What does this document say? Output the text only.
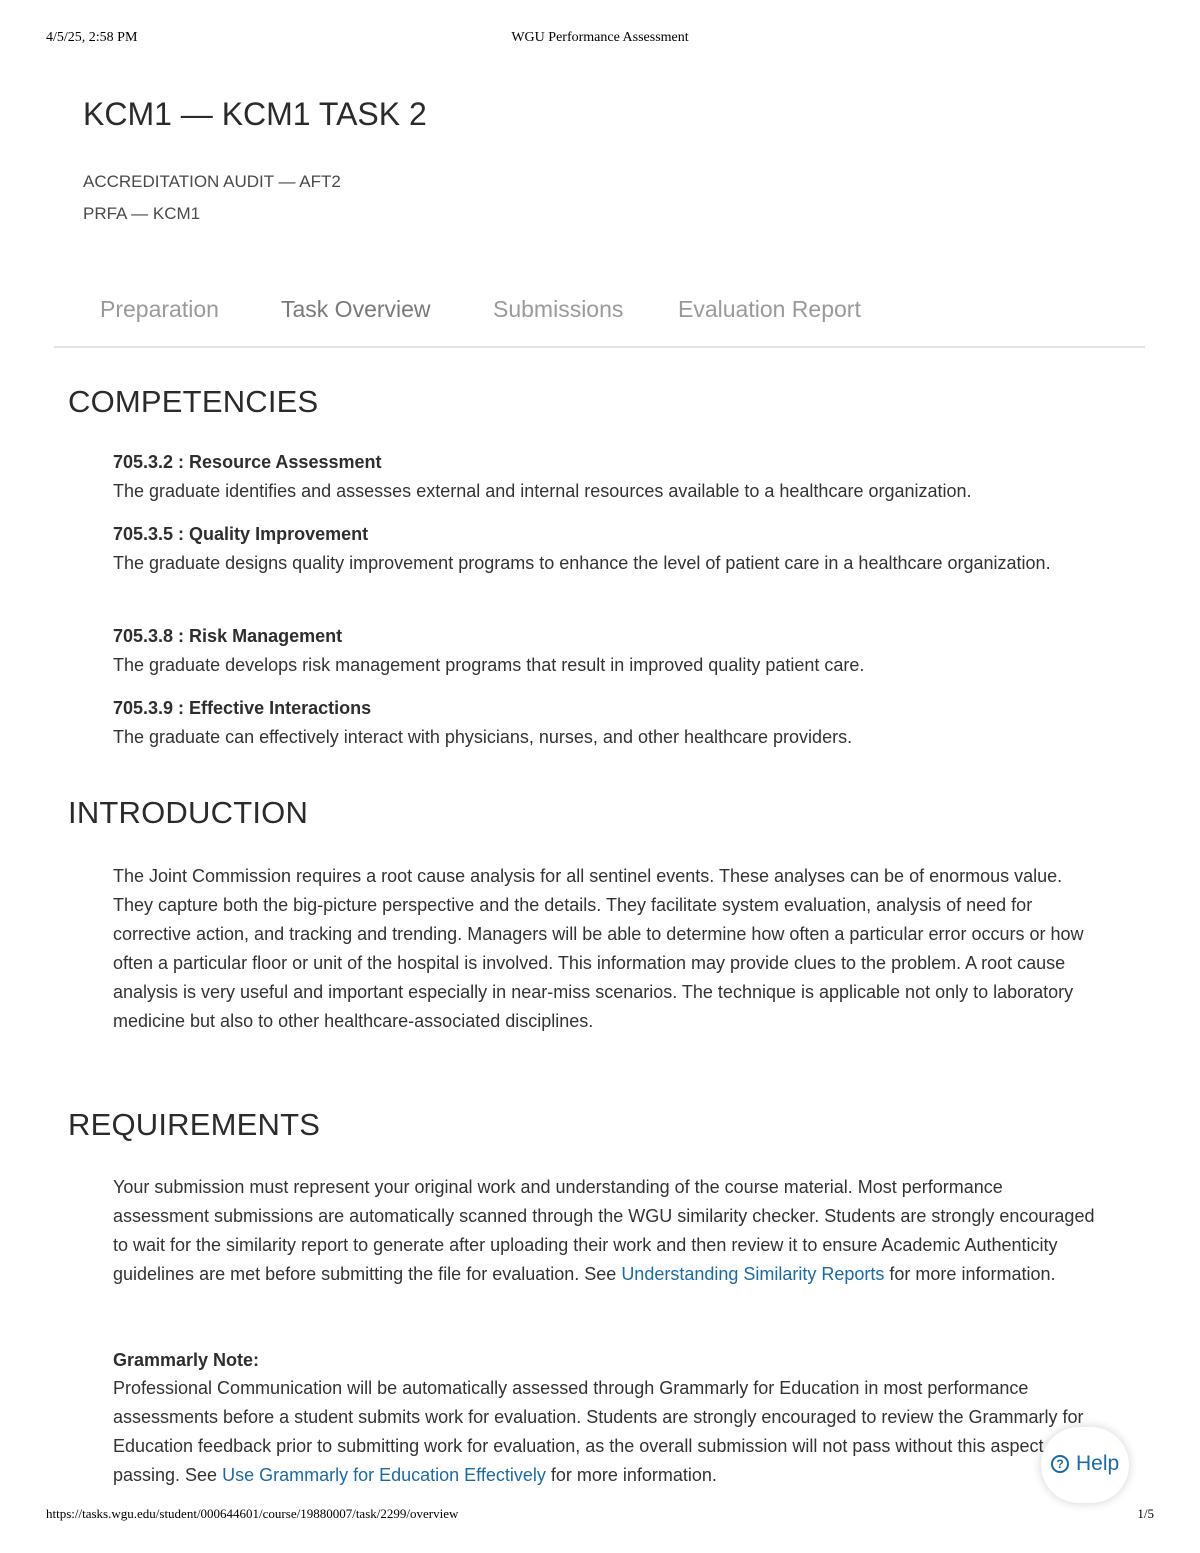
4/5/25, 2:58 PM	WGU Performance Assessment
KCM1 — KCM1 TASK 2
ACCREDITATION AUDIT — AFT2
PRFA — KCM1
Preparation	Task Overview	Submissions Evaluation Report
COMPETENCIES
705.3.2 : Resource Assessment
The graduate identifies and assesses external and internal resources available to a healthcare organization.
705.3.5 : Quality Improvement
The graduate designs quality improvement programs to enhance the level of patient care in a healthcare organization.
705.3.8 : Risk Management
The graduate develops risk management programs that result in improved quality patient care.
705.3.9 : Effective Interactions
The graduate can effectively interact with physicians, nurses, and other healthcare providers.
INTRODUCTION

The Joint Commission requires a root cause analysis for all sentinel events. These analyses can be of enormous value. They capture both the big-picture perspective and the details. They facilitate system evaluation, analysis of need for corrective action, and tracking and trending. Managers will be able to determine how often a particular error occurs or how often a particular floor or unit of the hospital is involved. This information may provide clues to the problem. A root cause analysis is very useful and important especially in near-miss scenarios. The technique is applicable not only to laboratory medicine but also to other healthcare-associated disciplines.

REQUIREMENTS

Your submission must represent your original work and understanding of the course material. Most performance assessment submissions are automatically scanned through the WGU similarity checker. Students are strongly encouraged to wait for the similarity report to generate after uploading their work and then review it to ensure Academic Authenticity guidelines are met before submitting the file for evaluation. See Understanding Similarity Reports for more information.

Grammarly Note:

Professional Communication will be automatically assessed through Grammarly for Education in most performance assessments before a student submits work for evaluation. Students are strongly encouraged to review the Grammarly for Education feedback prior to submitting work for evaluation, as the overall submission will not pass without this aspect passing. See Use Grammarly for Education Effectively for more information.

? Help
https://tasks.wgu.edu/student/000644601/course/19880007/task/2299/overview	1/5
